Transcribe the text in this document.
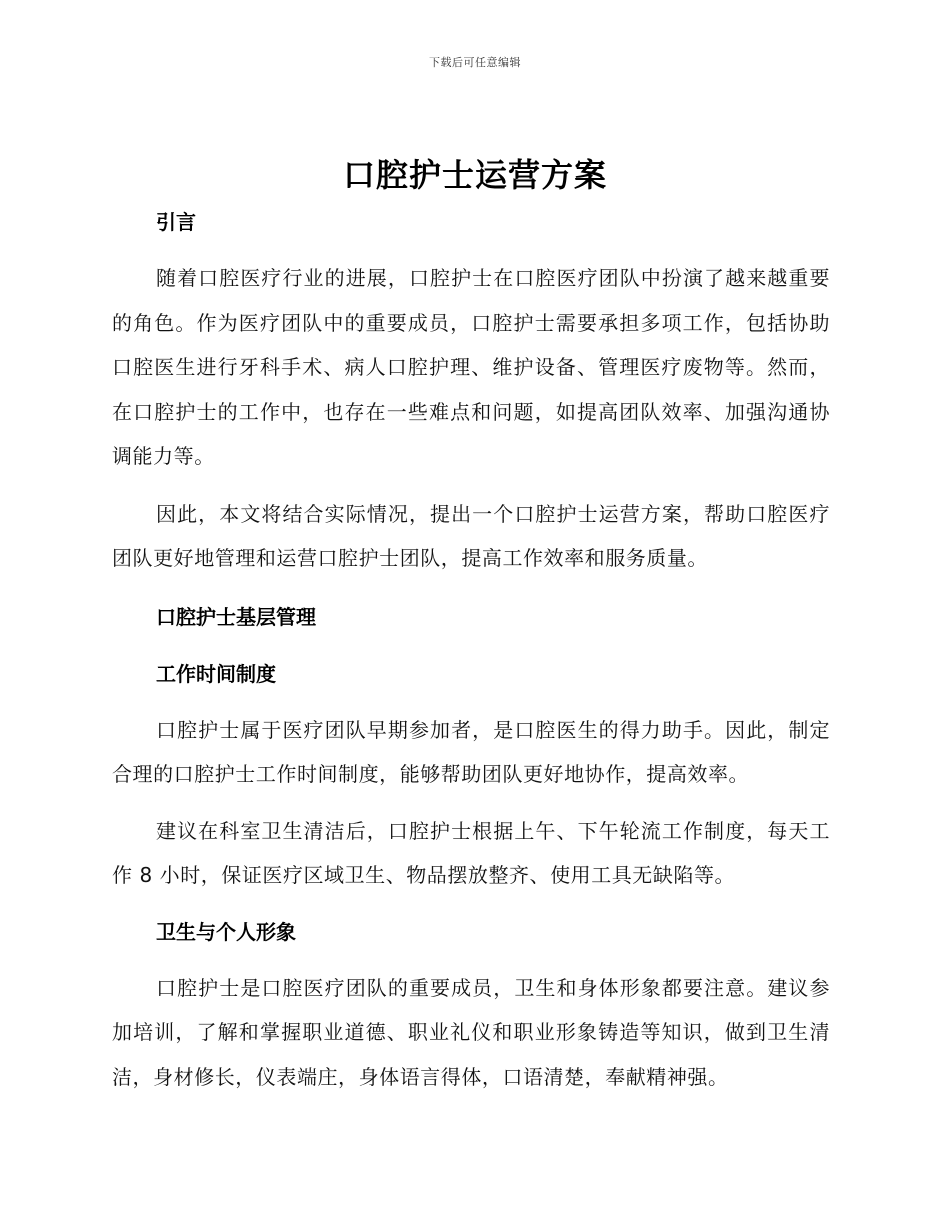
下载后可任意编辑
口腔护士运营方案
引言

随着口腔医疗行业的进展，口腔护士在口腔医疗团队中扮演了越来越重要的角色。作为医疗团队中的重要成员，口腔护士需要承担多项工作，包括协助口腔医生进行牙科手术、病人口腔护理、维护设备、管理医疗废物等。然而，在口腔护士的工作中，也存在一些难点和问题，如提高团队效率、加强沟通协调能力等。

因此，本文将结合实际情况，提出一个口腔护士运营方案，帮助口腔医疗团队更好地管理和运营口腔护士团队，提高工作效率和服务质量。

口腔护士基层管理
工作时间制度

口腔护士属于医疗团队早期参加者，是口腔医生的得力助手。因此，制定合理的口腔护士工作时间制度，能够帮助团队更好地协作，提高效率。

建议在科室卫生清洁后，口腔护士根据上午、下午轮流工作制度，每天工作 8 小时，保证医疗区域卫生、物品摆放整齐、使用工具无缺陷等。

卫生与个人形象

口腔护士是口腔医疗团队的重要成员，卫生和身体形象都要注意。建议参加培训，了解和掌握职业道德、职业礼仪和职业形象铸造等知识，做到卫生清洁，身材修长，仪表端庄，身体语言得体，口语清楚，奉献精神强。
